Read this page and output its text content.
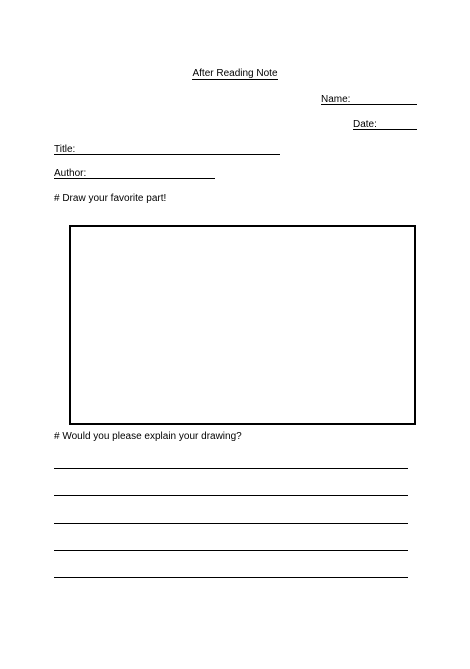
After Reading Note
Name:
Date:
Title:
Author:
# Draw your favorite part!
# Would you please explain your drawing?
